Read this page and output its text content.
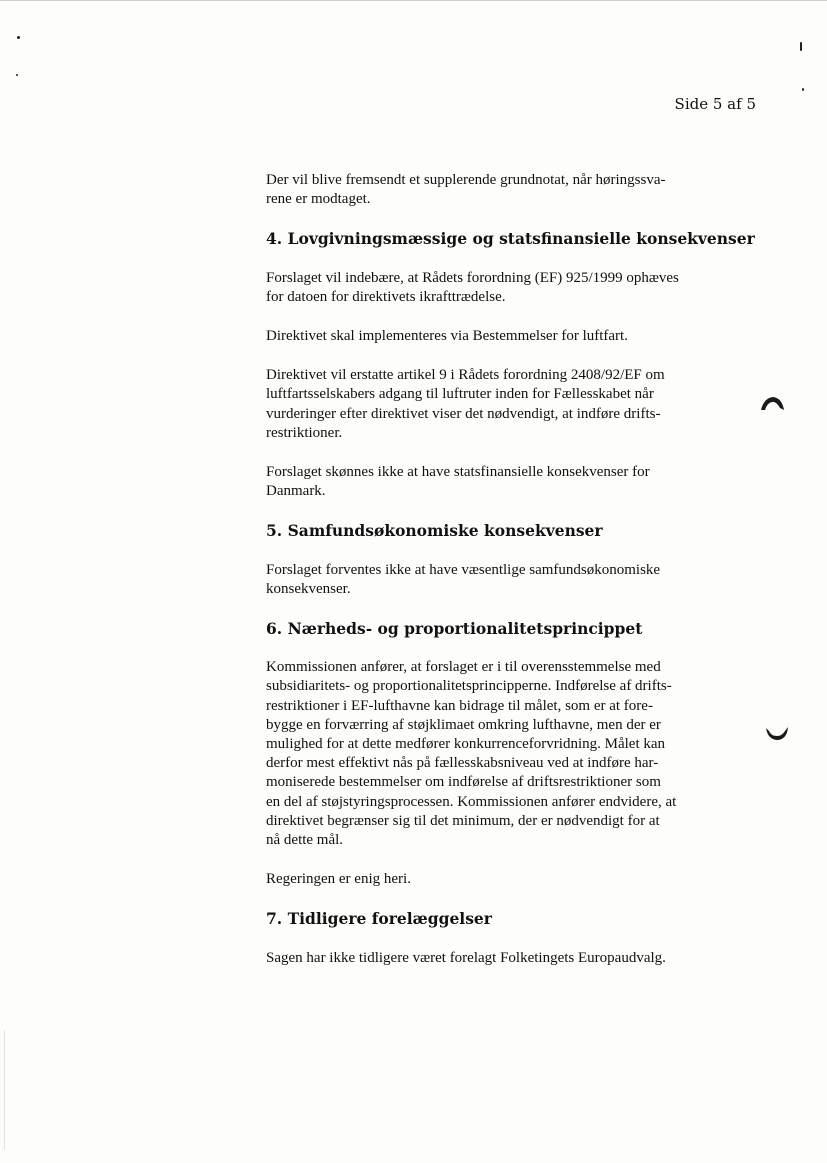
Side 5 af 5

Der vil blive fremsendt et supplerende grundnotat, når høringssva-
rene er modtaget.

4. Lovgivningsmæssige og statsfinansielle konsekvenser

Forslaget vil indebære, at Rådets forordning (EF) 925/1999 ophæves
for datoen for direktivets ikrafttrædelse.

Direktivet skal implementeres via Bestemmelser for luftfart.

Direktivet vil erstatte artikel 9 i Rådets forordning 2408/92/EF om
luftfartsselskabers adgang til luftruter inden for Fællesskabet når
vurderinger efter direktivet viser det nødvendigt, at indføre drifts-
restriktioner.

Forslaget skønnes ikke at have statsfinansielle konsekvenser for
Danmark.

5. Samfundsøkonomiske konsekvenser

Forslaget forventes ikke at have væsentlige samfundsøkonomiske
konsekvenser.

6. Nærheds- og proportionalitetsprincippet

Kommissionen anfører, at forslaget er i til overensstemmelse med
subsidiaritets- og proportionalitetsprincipperne. Indførelse af drifts-
restriktioner i EF-lufthavne kan bidrage til målet, som er at fore-
bygge en forværring af støjklimaet omkring lufthavne, men der er
mulighed for at dette medfører konkurrenceforvridning. Målet kan
derfor mest effektivt nås på fællesskabsniveau ved at indføre har-
moniserede bestemmelser om indførelse af driftsrestriktioner som
en del af støjstyringsprocessen. Kommissionen anfører endvidere, at
direktivet begrænser sig til det minimum, der er nødvendigt for at
nå dette mål.

Regeringen er enig heri.

7. Tidligere forelæggelser

Sagen har ikke tidligere været forelagt Folketingets Europaudvalg.
